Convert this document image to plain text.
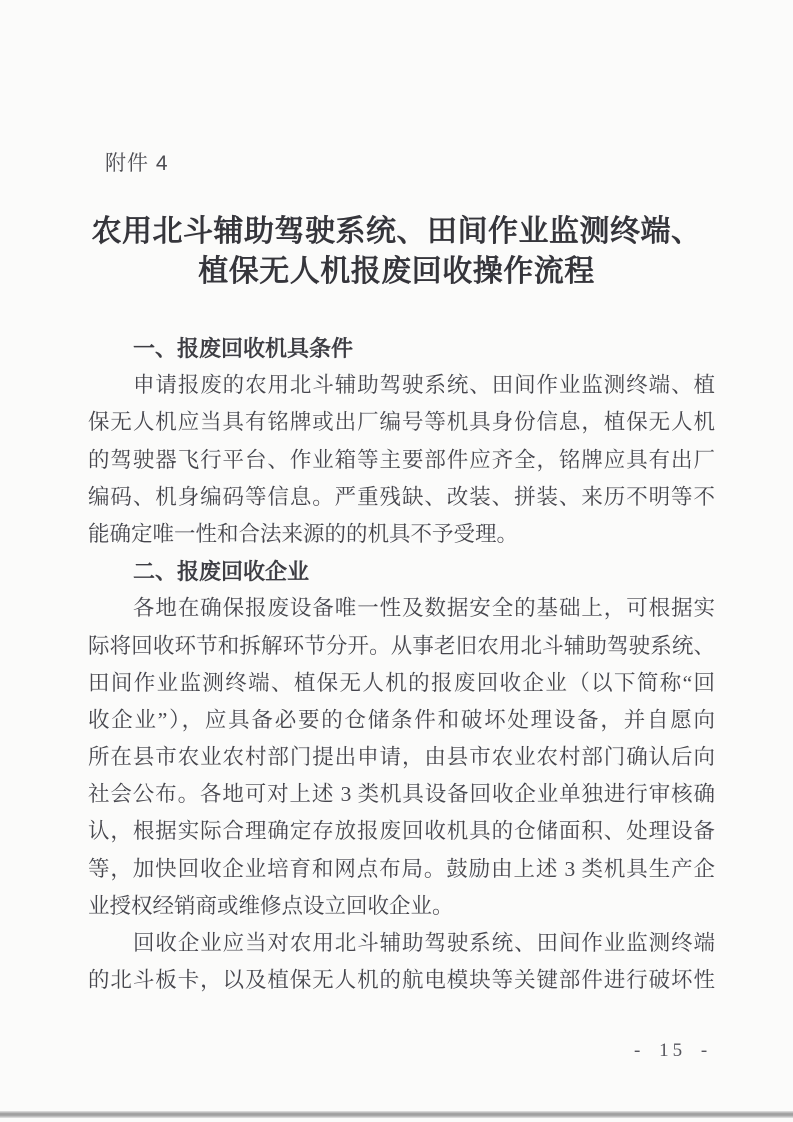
附件 4
农用北斗辅助驾驶系统、田间作业监测终端、
植保无人机报废回收操作流程
一、报废回收机具条件
申请报废的农用北斗辅助驾驶系统、田间作业监测终端、植
保无人机应当具有铭牌或出厂编号等机具身份信息，植保无人机
的驾驶器飞行平台、作业箱等主要部件应齐全，铭牌应具有出厂
编码、机身编码等信息。严重残缺、改装、拼装、来历不明等不
能确定唯一性和合法来源的的机具不予受理。
二、报废回收企业
各地在确保报废设备唯一性及数据安全的基础上，可根据实
际将回收环节和拆解环节分开。从事老旧农用北斗辅助驾驶系统、
田间作业监测终端、植保无人机的报废回收企业（以下简称“回
收企业”），应具备必要的仓储条件和破坏处理设备，并自愿向
所在县市农业农村部门提出申请，由县市农业农村部门确认后向
社会公布。各地可对上述 3 类机具设备回收企业单独进行审核确
认，根据实际合理确定存放报废回收机具的仓储面积、处理设备
等，加快回收企业培育和网点布局。鼓励由上述 3 类机具生产企
业授权经销商或维修点设立回收企业。
回收企业应当对农用北斗辅助驾驶系统、田间作业监测终端
的北斗板卡，以及植保无人机的航电模块等关键部件进行破坏性
- 15 -
